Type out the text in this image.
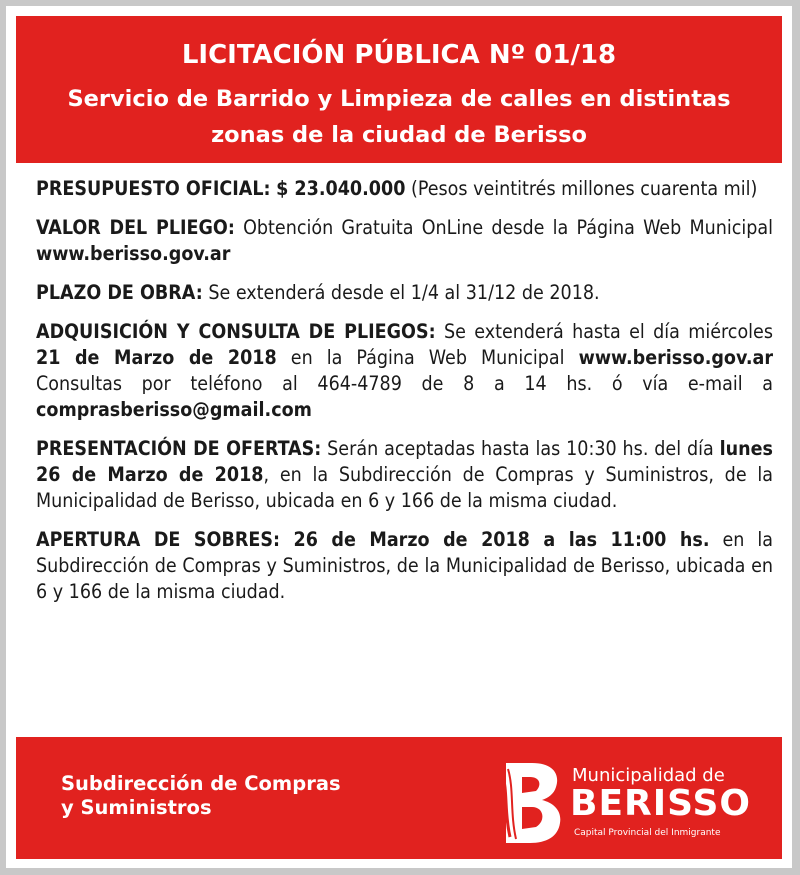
LICITACIÓN PÚBLICA Nº 01/18
Servicio de Barrido y Limpieza de calles en distintas
zonas de la ciudad de Berisso

PRESUPUESTO OFICIAL: $ 23.040.000 (Pesos veintitrés millones cuarenta mil)

VALOR DEL PLIEGO: Obtención Gratuita OnLine desde la Página Web Municipal www.berisso.gov.ar

PLAZO DE OBRA: Se extenderá desde el 1/4 al 31/12 de 2018.

ADQUISICIÓN Y CONSULTA DE PLIEGOS: Se extenderá hasta el día miércoles 21 de Marzo de 2018 en la Página Web Municipal www.berisso.gov.ar Consultas por teléfono al 464-4789 de 8 a 14 hs. ó vía e-mail a comprasberisso@gmail.com

PRESENTACIÓN DE OFERTAS: Serán aceptadas hasta las 10:30 hs. del día lunes 26 de Marzo de 2018, en la Subdirección de Compras y Suministros, de la Municipalidad de Berisso, ubicada en 6 y 166 de la misma ciudad.

APERTURA DE SOBRES: 26 de Marzo de 2018 a las 11:00 hs. en la Subdirección de Compras y Suministros, de la Municipalidad de Berisso, ubicada en 6 y 166 de la misma ciudad.

Subdirección de Compras
y Suministros
Municipalidad de
BERISSO
Capital Provincial del Inmigrante
